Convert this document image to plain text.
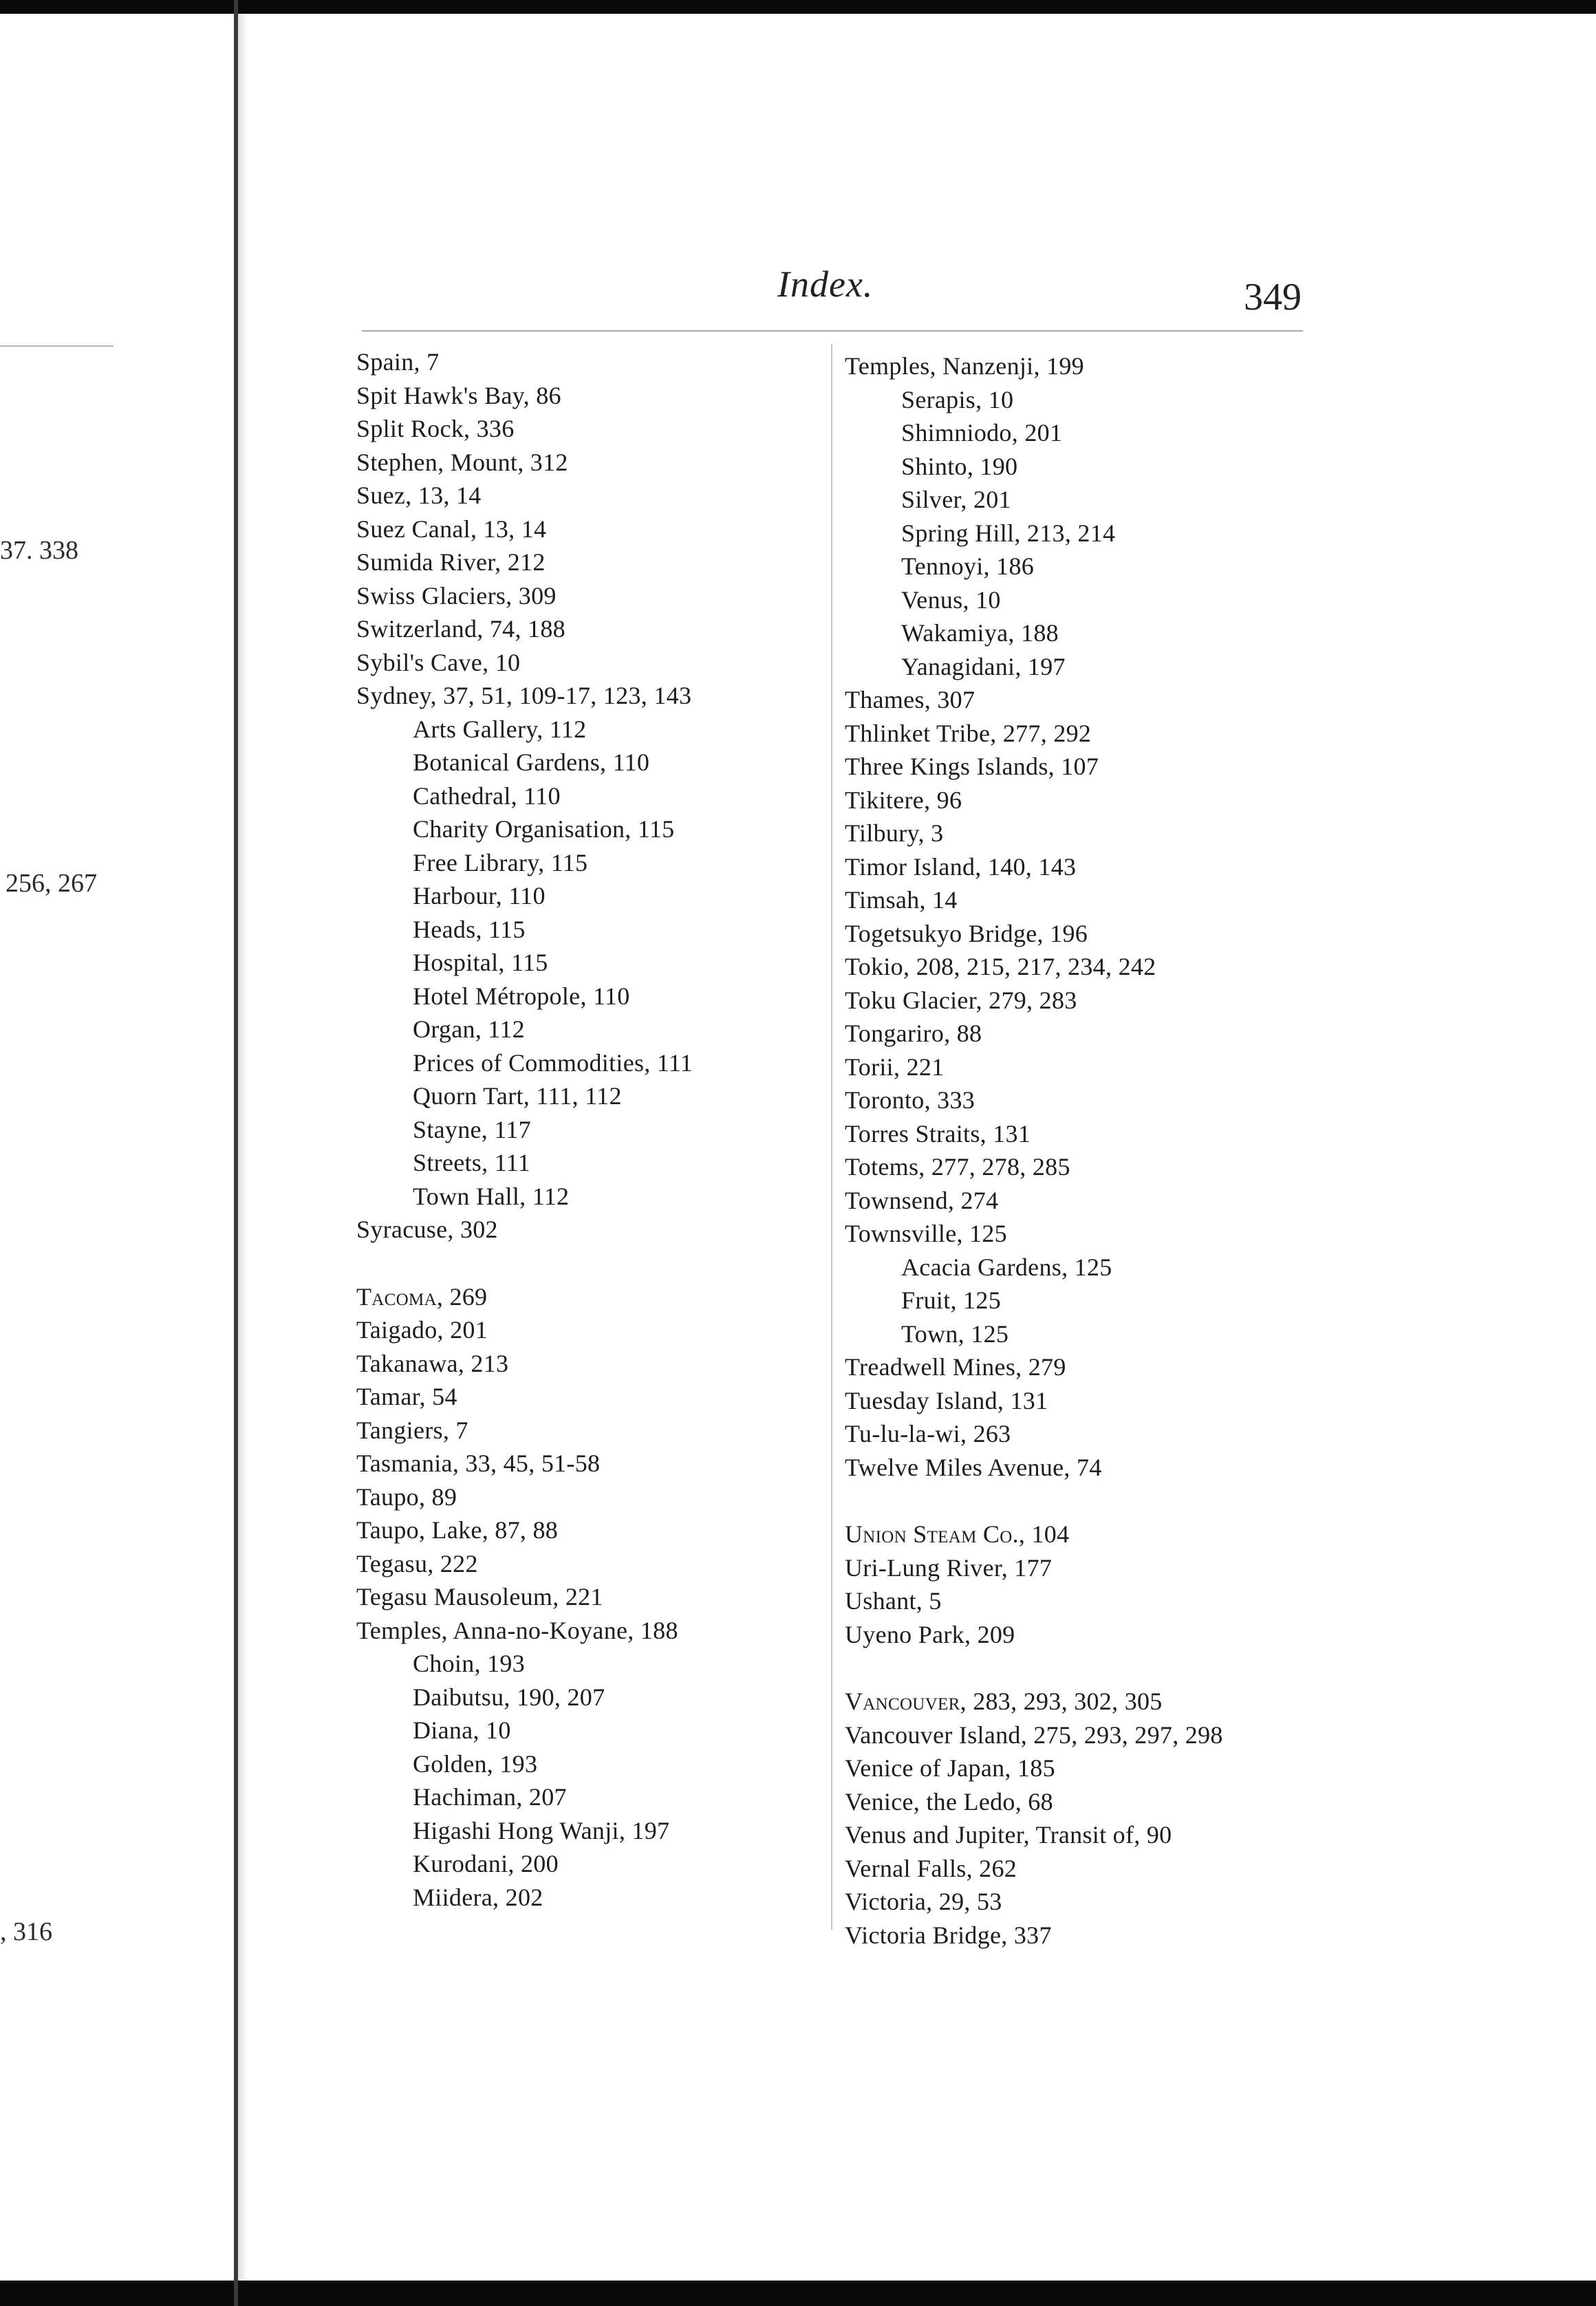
37. 338
256, 267
, 316
Index.	349
Spain, 7
Spit Hawk's Bay, 86
Split Rock, 336
Stephen, Mount, 312
Suez, 13, 14
Suez Canal, 13, 14
Sumida River, 212
Swiss Glaciers, 309
Switzerland, 74, 188
Sybil's Cave, 10
Sydney, 37, 51, 109-17, 123, 143
Arts Gallery, 112
Botanical Gardens, 110
Cathedral, 110
Charity Organisation, 115
Free Library, 115
Harbour, 110
Heads, 115
Hospital, 115
Hotel Métropole, 110
Organ, 112
Prices of Commodities, 111
Quorn Tart, 111, 112
Stayne, 117
Streets, 111
Town Hall, 112
Syracuse, 302
Tacoma, 269
Taigado, 201
Takanawa, 213
Tamar, 54
Tangiers, 7
Tasmania, 33, 45, 51-58
Taupo, 89
Taupo, Lake, 87, 88
Tegasu, 222
Tegasu Mausoleum, 221
Temples, Anna-no-Koyane, 188
Choin, 193
Daibutsu, 190, 207
Diana, 10
Golden, 193
Hachiman, 207
Higashi Hong Wanji, 197
Kurodani, 200
Miidera, 202
Temples, Nanzenji, 199
Serapis, 10
Shimniodo, 201
Shinto, 190
Silver, 201
Spring Hill, 213, 214
Tennoyi, 186
Venus, 10
Wakamiya, 188
Yanagidani, 197
Thames, 307
Thlinket Tribe, 277, 292
Three Kings Islands, 107
Tikitere, 96
Tilbury, 3
Timor Island, 140, 143
Timsah, 14
Togetsukyo Bridge, 196
Tokio, 208, 215, 217, 234, 242
Toku Glacier, 279, 283
Tongariro, 88
Torii, 221
Toronto, 333
Torres Straits, 131
Totems, 277, 278, 285
Townsend, 274
Townsville, 125
Acacia Gardens, 125
Fruit, 125
Town, 125
Treadwell Mines, 279
Tuesday Island, 131
Tu-lu-la-wi, 263
Twelve Miles Avenue, 74
Union Steam Co., 104
Uri-Lung River, 177
Ushant, 5
Uyeno Park, 209
Vancouver, 283, 293, 302, 305
Vancouver Island, 275, 293, 297, 298
Venice of Japan, 185
Venice, the Ledo, 68
Venus and Jupiter, Transit of, 90
Vernal Falls, 262
Victoria, 29, 53
Victoria Bridge, 337
